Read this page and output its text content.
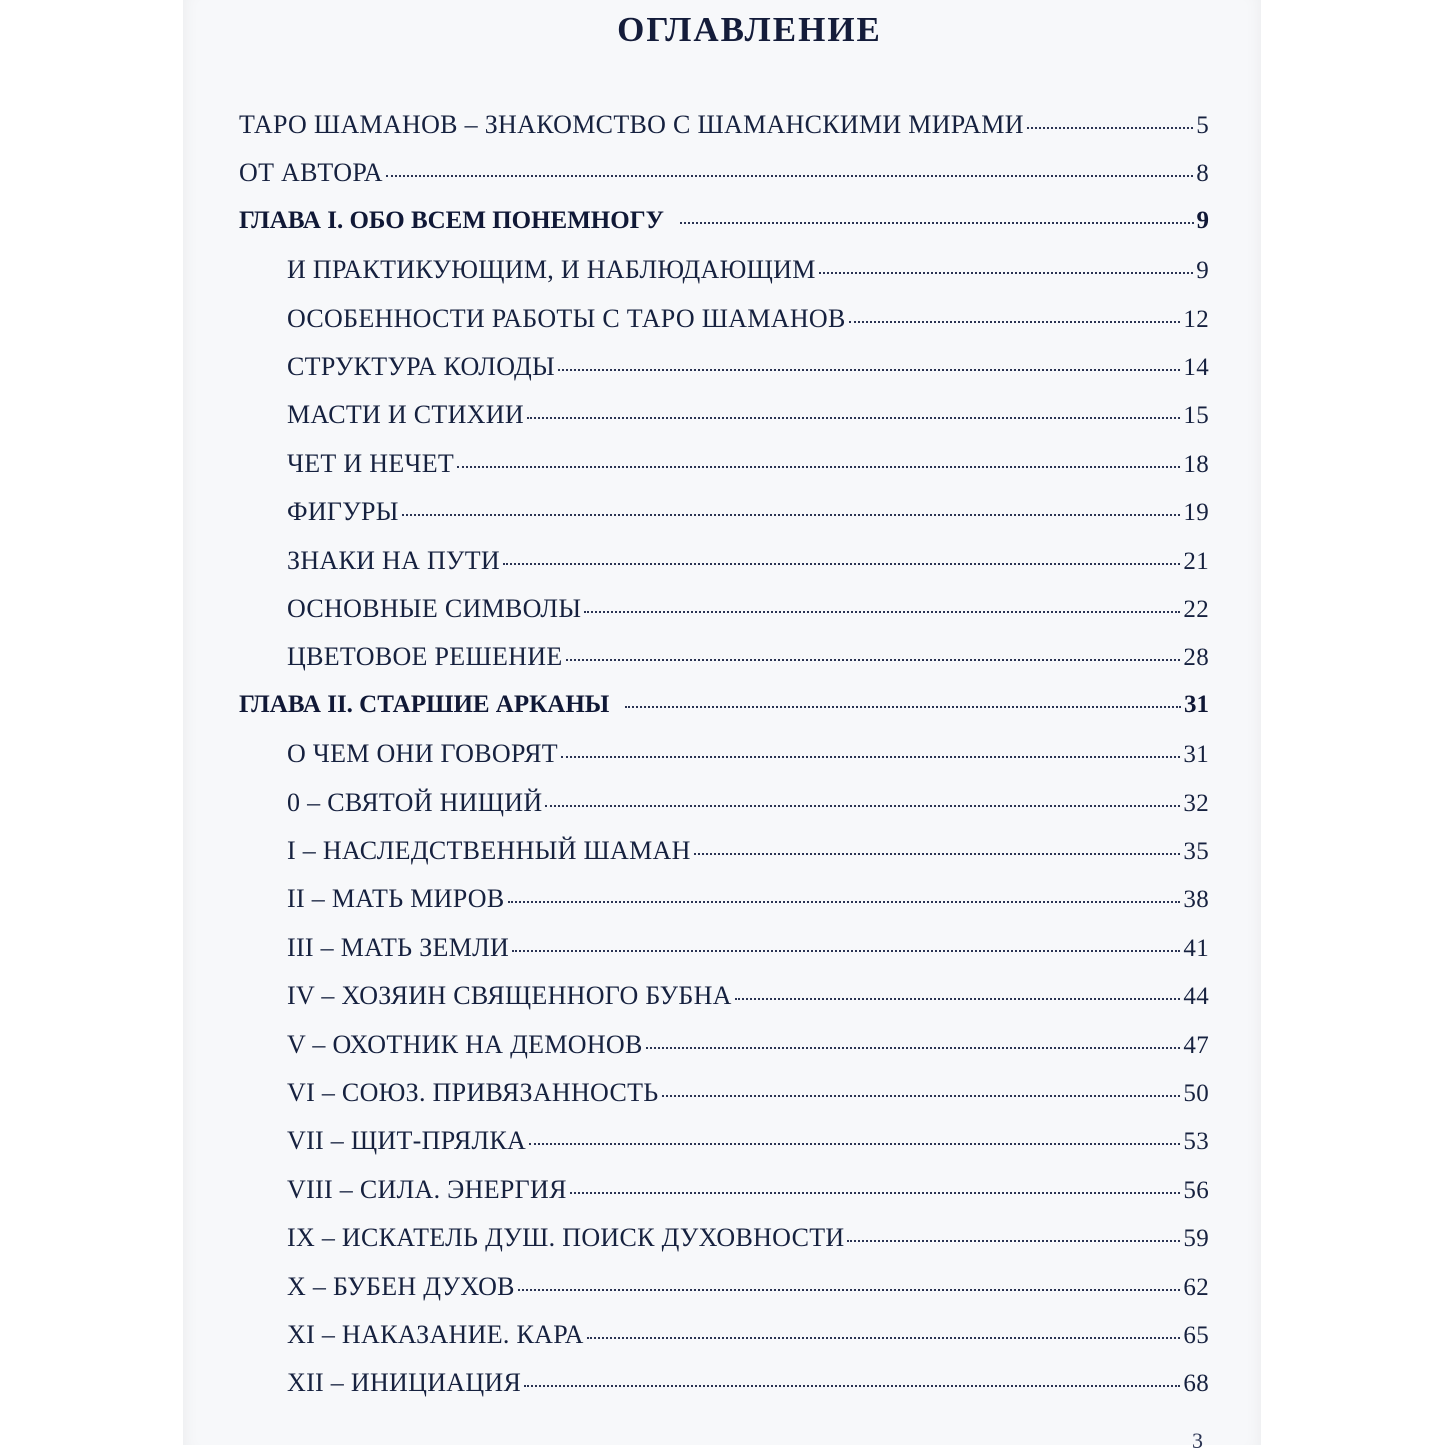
ОГЛАВЛЕНИЕ
ТАРО ШАМАНОВ – ЗНАКОМСТВО С ШАМАНСКИМИ МИРАМИ	5
ОТ АВТОРА	8
ГЛАВА I. ОБО ВСЕМ ПОНЕМНОГУ	9
И ПРАКТИКУЮЩИМ, И НАБЛЮДАЮЩИМ	9
ОСОБЕННОСТИ РАБОТЫ С ТАРО ШАМАНОВ	12
СТРУКТУРА КОЛОДЫ	14
МАСТИ И СТИХИИ	15
ЧЕТ И НЕЧЕТ	18
ФИГУРЫ	19
ЗНАКИ НА ПУТИ	21
ОСНОВНЫЕ СИМВОЛЫ	22
ЦВЕТОВОЕ РЕШЕНИЕ	28
ГЛАВА II. СТАРШИЕ АРКАНЫ	31
О ЧЕМ ОНИ ГОВОРЯТ	31
0 – СВЯТОЙ НИЩИЙ	32
I – НАСЛЕДСТВЕННЫЙ ШАМАН	35
II – МАТЬ МИРОВ	38
III – МАТЬ ЗЕМЛИ	41
IV – ХОЗЯИН СВЯЩЕННОГО БУБНА	44
V – ОХОТНИК НА ДЕМОНОВ	47
VI – СОЮЗ. ПРИВЯЗАННОСТЬ	50
VII – ЩИТ-ПРЯЛКА	53
VIII – СИЛА. ЭНЕРГИЯ	56
IX – ИСКАТЕЛЬ ДУШ. ПОИСК ДУХОВНОСТИ	59
X – БУБЕН ДУХОВ	62
XI – НАКАЗАНИЕ. КАРА	65
XII – ИНИЦИАЦИЯ	68
3
